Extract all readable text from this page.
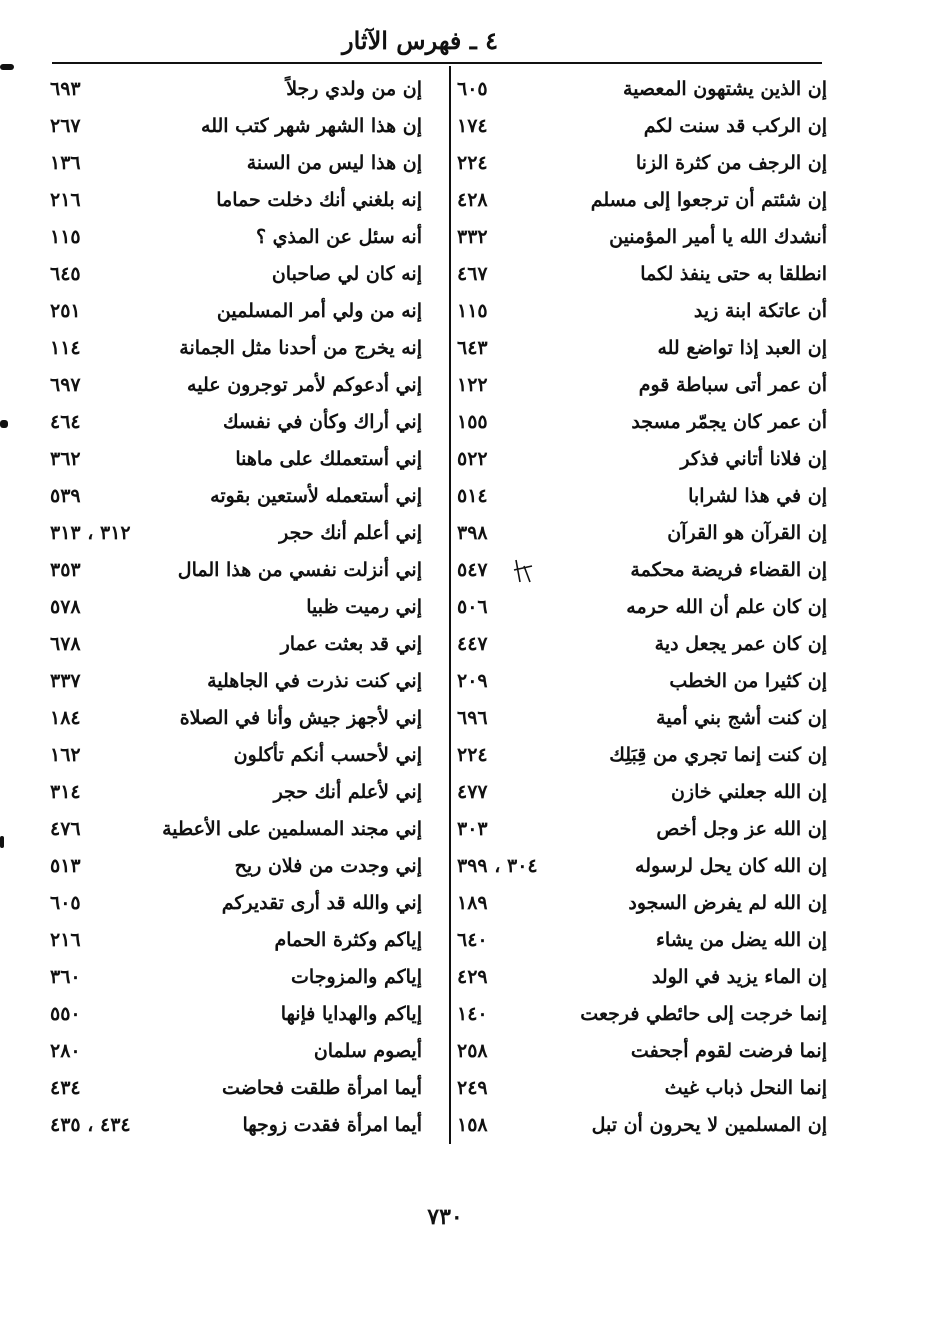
٤ ـ فهرس الآثار
إن الذين يشتهون المعصية
٦٠٥
إن الركب قد سنت لكم
١٧٤
إن الرجف من كثرة الزنا
٢٢٤
إن شئتم أن ترجعوا إلى مسلم
٤٢٨
أنشدك الله يا أمير المؤمنين
٣٣٢
انطلقا به حتى ينفذ لكما
٤٦٧
أن عاتكة ابنة زيد
١١٥
إن العبد إذا تواضع لله
٦٤٣
أن عمر أتى سباطة قوم
١٢٢
أن عمر كان يجمّر مسجد
١٥٥
إن فلانا أتاني فذكر
٥٢٢
إن في هذا لشرابا
٥١٤
إن القرآن هو القرآن
٣٩٨
إن القضاء فريضة محكمة
٥٤٧
إن كان علم أن الله حرمه
٥٠٦
إن كان عمر يجعل دية
٤٤٧
إن كثيرا من الخطب
٢٠٩
إن كنت أشج بني أمية
٦٩٦
إن كنت إنما تجري من قِبَلِك
٢٢٤
إن الله جعلني خازن
٤٧٧
إن الله عز وجل أخص
٣٠٣
إن الله كان يحل لرسوله
٣٠٤ ، ٣٩٩
إن الله لم يفرض السجود
١٨٩
إن الله يضل من يشاء
٦٤٠
إن الماء يزيد في الولد
٤٢٩
إنما خرجت إلى حائطي فرجعت
١٤٠
إنما فرضت لقوم أجحفت
٢٥٨
إنما النحل ذباب غيث
٢٤٩
إن المسلمين لا يحرون أن تبل
١٥٨
إن من ولدي رجلاً
٦٩٣
إن هذا الشهر شهر كتب الله
٢٦٧
إن هذا ليس من السنة
١٣٦
إنه بلغني أنك دخلت حماما
٢١٦
أنه سئل عن المذي ؟
١١٥
إنه كان لي صاحبان
٦٤٥
إنه من ولي أمر المسلمين
٢٥١
إنه يخرج من أحدنا مثل الجمانة
١١٤
إني أدعوكم لأمر توجرون عليه
٦٩٧
إني أراك وكأن في نفسك
٤٦٤
إني أستعملك على ماهنا
٣٦٢
إني أستعمله لأستعين بقوته
٥٣٩
إني أعلم أنك حجر
٣١٢ ، ٣١٣
إني أنزلت نفسي من هذا المال
٣٥٣
إني رميت ظبيا
٥٧٨
إني قد بعثت عمار
٦٧٨
إني كنت نذرت في الجاهلية
٣٣٧
إني لأجهز جيش وأنا في الصلاة
١٨٤
إني لأحسب أنكم تأكلون
١٦٢
إني لأعلم أنك حجر
٣١٤
إني مجند المسلمين على الأعطية
٤٧٦
إني وجدت من فلان ريح
٥١٣
إني والله قد أرى تقديركم
٦٠٥
إياكم وكثرة الحمام
٢١٦
إياكم والمزوجات
٣٦٠
إياكم والهدايا فإنها
٥٥٠
أيصوم سلمان
٢٨٠
أيما امرأة طلقت فحاضت
٤٣٤
أيما امرأة فقدت زوجها
٤٣٤ ، ٤٣٥
٧٣٠
